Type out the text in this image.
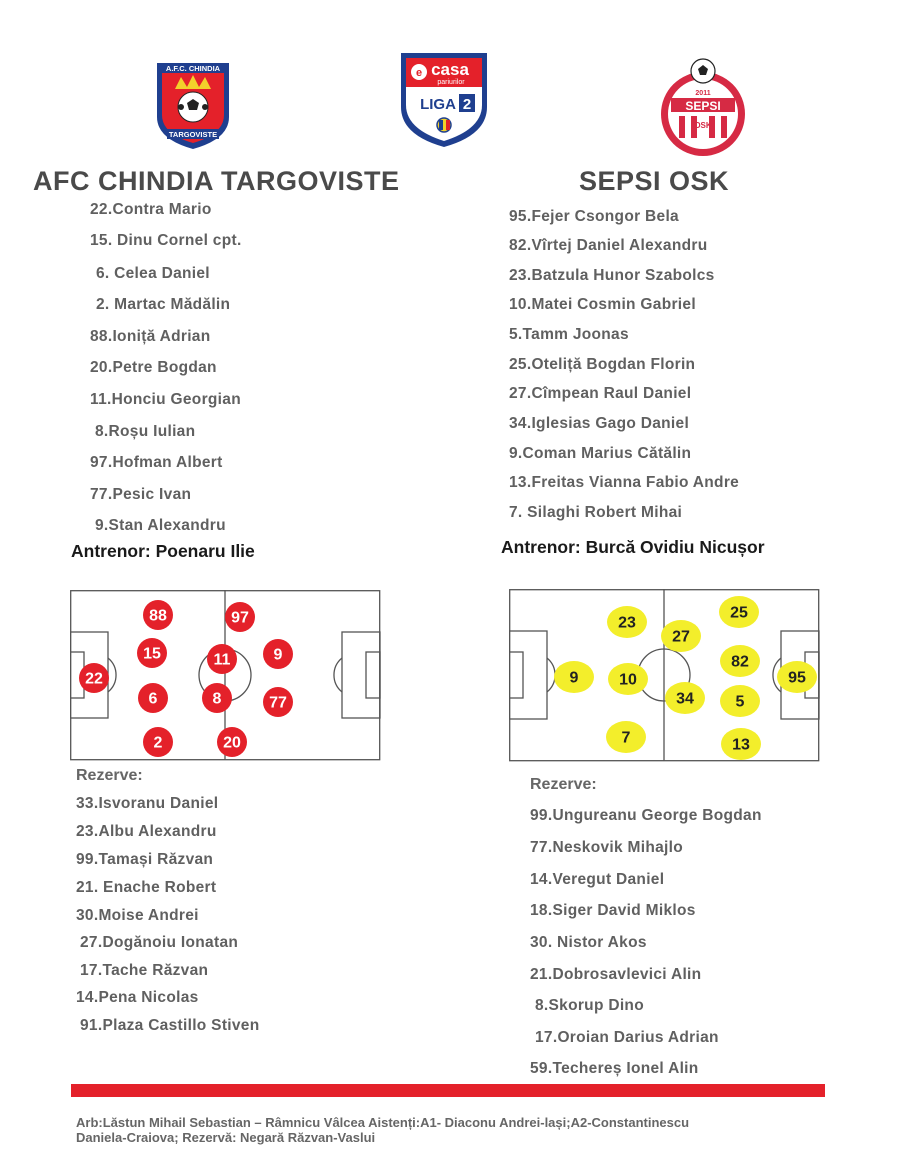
A.F.C. CHINDIA
TARGOVISTE
casa
pariurilor
e
LIGA 2
2011
SEPSI
OSK
AFC CHINDIA TARGOVISTE	SEPSI OSK
22.Contra Mario
15. Dinu Cornel cpt.
6. Celea Daniel
2. Martac Mădălin
88.Ioniță Adrian
20.Petre Bogdan
11.Honciu Georgian
8.Roșu Iulian
97.Hofman Albert
77.Pesic Ivan
9.Stan Alexandru
Antrenor: Poenaru Ilie
95.Fejer Csongor Bela
82.Vîrtej Daniel Alexandru
23.Batzula Hunor Szabolcs
10.Matei Cosmin Gabriel
5.Tamm Joonas
25.Oteliță Bogdan Florin
27.Cîmpean Raul Daniel
34.Iglesias Gago Daniel
9.Coman Marius Cătălin
13.Freitas Vianna Fabio Andre
7. Silaghi Robert Mihai
Antrenor: Burcă Ovidiu Nicușor
88	97
15	11	9
22
6	8	77
2	20
23
27
25
9	10
82
95
34	5
7	13
Rezerve:
33.Isvoranu Daniel
23.Albu Alexandru
99.Tamași Răzvan
21. Enache Robert
30.Moise Andrei
27.Dogănoiu Ionatan
17.Tache Răzvan
14.Pena Nicolas
91.Plaza Castillo Stiven
Rezerve:
99.Ungureanu George Bogdan
77.Neskovik Mihajlo
14.Veregut Daniel
18.Siger David Miklos
30. Nistor Akos
21.Dobrosavlevici Alin
8.Skorup Dino
17.Oroian Darius Adrian
59.Techereș Ionel Alin
Arb:Lăstun Mihail Sebastian – Râmnicu Vâlcea Aistenți:A1- Diaconu Andrei-lași;A2-Constantinescu
Daniela-Craiova; Rezervă: Negară Răzvan-Vaslui
